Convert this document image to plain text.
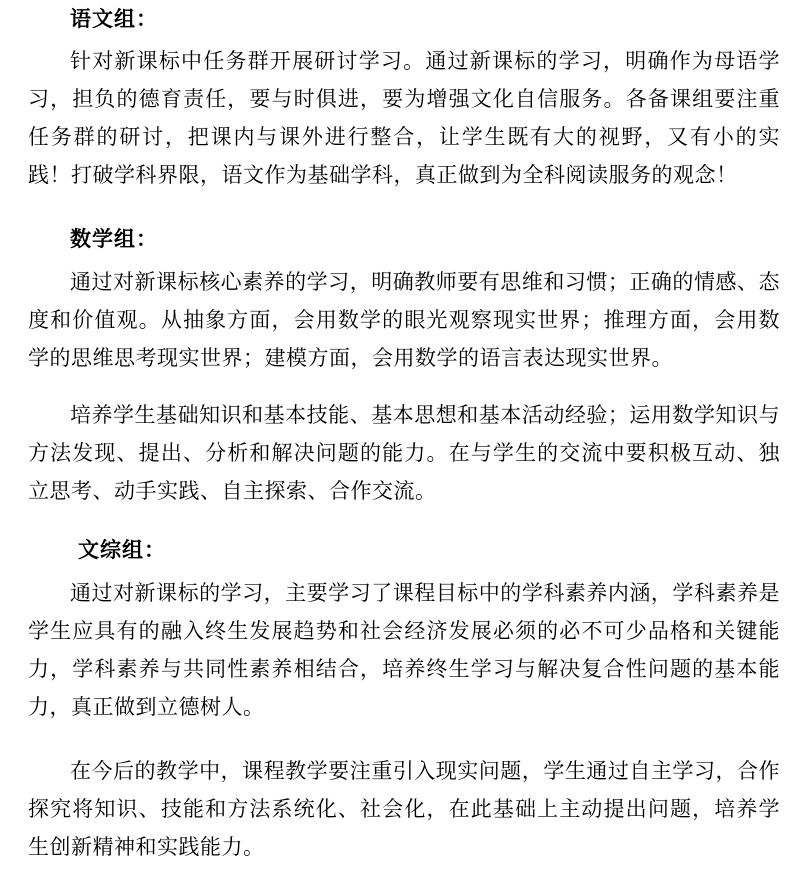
语文组：
针对新课标中任务群开展研讨学习。通过新课标的学习，明确作为母语学习，担负的德育责任，要与时俱进，要为增强文化自信服务。各备课组要注重任务群的研讨，把课内与课外进行整合，让学生既有大的视野，又有小的实践！打破学科界限，语文作为基础学科，真正做到为全科阅读服务的观念！
数学组：
通过对新课标核心素养的学习，明确教师要有思维和习惯；正确的情感、态度和价值观。从抽象方面，会用数学的眼光观察现实世界；推理方面，会用数学的思维思考现实世界；建模方面，会用数学的语言表达现实世界。
培养学生基础知识和基本技能、基本思想和基本活动经验；运用数学知识与方法发现、提出、分析和解决问题的能力。在与学生的交流中要积极互动、独立思考、动手实践、自主探索、合作交流。
文综组：
通过对新课标的学习，主要学习了课程目标中的学科素养内涵，学科素养是学生应具有的融入终生发展趋势和社会经济发展必须的必不可少品格和关键能力，学科素养与共同性素养相结合，培养终生学习与解决复合性问题的基本能力，真正做到立德树人。
在今后的教学中，课程教学要注重引入现实问题，学生通过自主学习，合作探究将知识、技能和方法系统化、社会化，在此基础上主动提出问题，培养学生创新精神和实践能力。
